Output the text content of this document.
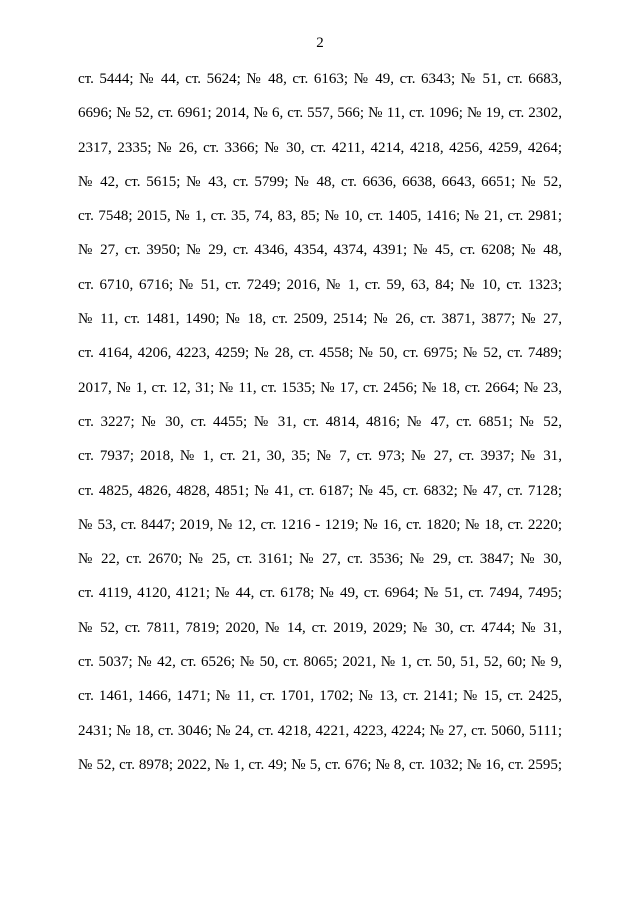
2
ст. 5444; № 44, ст. 5624; № 48, ст. 6163; № 49, ст. 6343; № 51, ст. 6683,
6696; № 52, ст. 6961; 2014, № 6, ст. 557, 566; № 11, ст. 1096; № 19, ст. 2302,
2317, 2335; № 26, ст. 3366; № 30, ст. 4211, 4214, 4218, 4256, 4259, 4264;
№ 42, ст. 5615; № 43, ст. 5799; № 48, ст. 6636, 6638, 6643, 6651; № 52,
ст. 7548; 2015, № 1, ст. 35, 74, 83, 85; № 10, ст. 1405, 1416; № 21, ст. 2981;
№ 27, ст. 3950; № 29, ст. 4346, 4354, 4374, 4391; № 45, ст. 6208; № 48,
ст. 6710, 6716; № 51, ст. 7249; 2016, № 1, ст. 59, 63, 84; № 10, ст. 1323;
№ 11, ст. 1481, 1490; № 18, ст. 2509, 2514; № 26, ст. 3871, 3877; № 27,
ст. 4164, 4206, 4223, 4259; № 28, ст. 4558; № 50, ст. 6975; № 52, ст. 7489;
2017, № 1, ст. 12, 31; № 11, ст. 1535; № 17, ст. 2456; № 18, ст. 2664; № 23,
ст. 3227; № 30, ст. 4455; № 31, ст. 4814, 4816; № 47, ст. 6851; № 52,
ст. 7937; 2018, № 1, ст. 21, 30, 35; № 7, ст. 973; № 27, ст. 3937; № 31,
ст. 4825, 4826, 4828, 4851; № 41, ст. 6187; № 45, ст. 6832; № 47, ст. 7128;
№ 53, ст. 8447; 2019, № 12, ст. 1216 - 1219; № 16, ст. 1820; № 18, ст. 2220;
№ 22, ст. 2670; № 25, ст. 3161; № 27, ст. 3536; № 29, ст. 3847; № 30,
ст. 4119, 4120, 4121; № 44, ст. 6178; № 49, ст. 6964; № 51, ст. 7494, 7495;
№ 52, ст. 7811, 7819; 2020, № 14, ст. 2019, 2029; № 30, ст. 4744; № 31,
ст. 5037; № 42, ст. 6526; № 50, ст. 8065; 2021, № 1, ст. 50, 51, 52, 60; № 9,
ст. 1461, 1466, 1471; № 11, ст. 1701, 1702; № 13, ст. 2141; № 15, ст. 2425,
2431; № 18, ст. 3046; № 24, ст. 4218, 4221, 4223, 4224; № 27, ст. 5060, 5111;
№ 52, ст. 8978; 2022, № 1, ст. 49; № 5, ст. 676; № 8, ст. 1032; № 16, ст. 2595;
